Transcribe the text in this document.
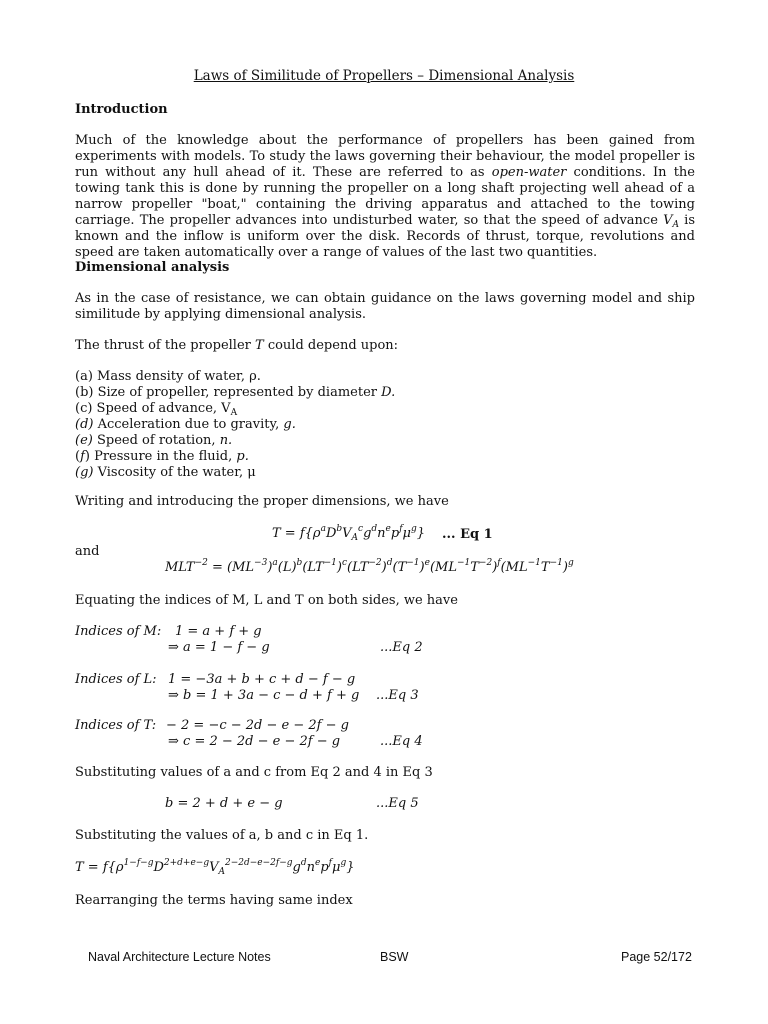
Laws of Similitude of Propellers – Dimensional Analysis
Introduction
Much of the knowledge about the performance of propellers has been gained from experiments with models. To study the laws governing their behaviour, the model propeller is run without any hull ahead of it. These are referred to as open-water conditions. In the towing tank this is done by running the propeller on a long shaft projecting well ahead of a narrow propeller "boat," containing the driving apparatus and attached to the towing carriage. The propeller advances into undisturbed water, so that the speed of advance $V_A$ is known and the inflow is uniform over the disk. Records of thrust, torque, revolutions and speed are taken automatically over a range of values of the last two quantities.
Dimensional analysis
As in the case of resistance, we can obtain guidance on the laws governing model and ship similitude by applying dimensional analysis.
The thrust of the propeller T could depend upon:
(a) Mass density of water, ρ.
(b) Size of propeller, represented by diameter D.
(c) Speed of advance, $V_A$
(d) Acceleration due to gravity, g.
(e) Speed of rotation, n.
(f) Pressure in the fluid, p.
(g) Viscosity of the water, μ
Writing and introducing the proper dimensions, we have
$T = f\{\rho^aD^bV_A^cg^dn^ep^f\mu^g\}$ ... Eq 1
and
$MLT^{-2} = (ML^{-3})^a(L)^b(LT^{-1})^c(LT^{-2})^d(T^{-1})^e(ML^{-1}T^{-2})^f(ML^{-1}T^{-1})^g$
Equating the indices of M, L and T on both sides, we have
Indices of M: 1 = a + f + g
⇒ a = 1 − f − g	...Eq 2
Indices of L: 1 = −3a + b + c + d − f − g
⇒ b = 1 + 3a − c − d + f + g ...Eq 3
Indices of T: − 2 = −c − 2d − e − 2f − g
⇒ c = 2 − 2d − e − 2f − g	...Eq 4
Substituting values of a and c from Eq 2 and 4 in Eq 3
b = 2 + d + e − g	...Eq 5
Substituting the values of a, b and c in Eq 1.
$T = f\{\rho^{1-f-g}D^{2+d+e-g}V_A^{2-2d-e-2f-g}g^dn^ep^f\mu^g\}$
Rearranging the terms having same index
Naval Architecture Lecture Notes	BSW	Page 52/172
